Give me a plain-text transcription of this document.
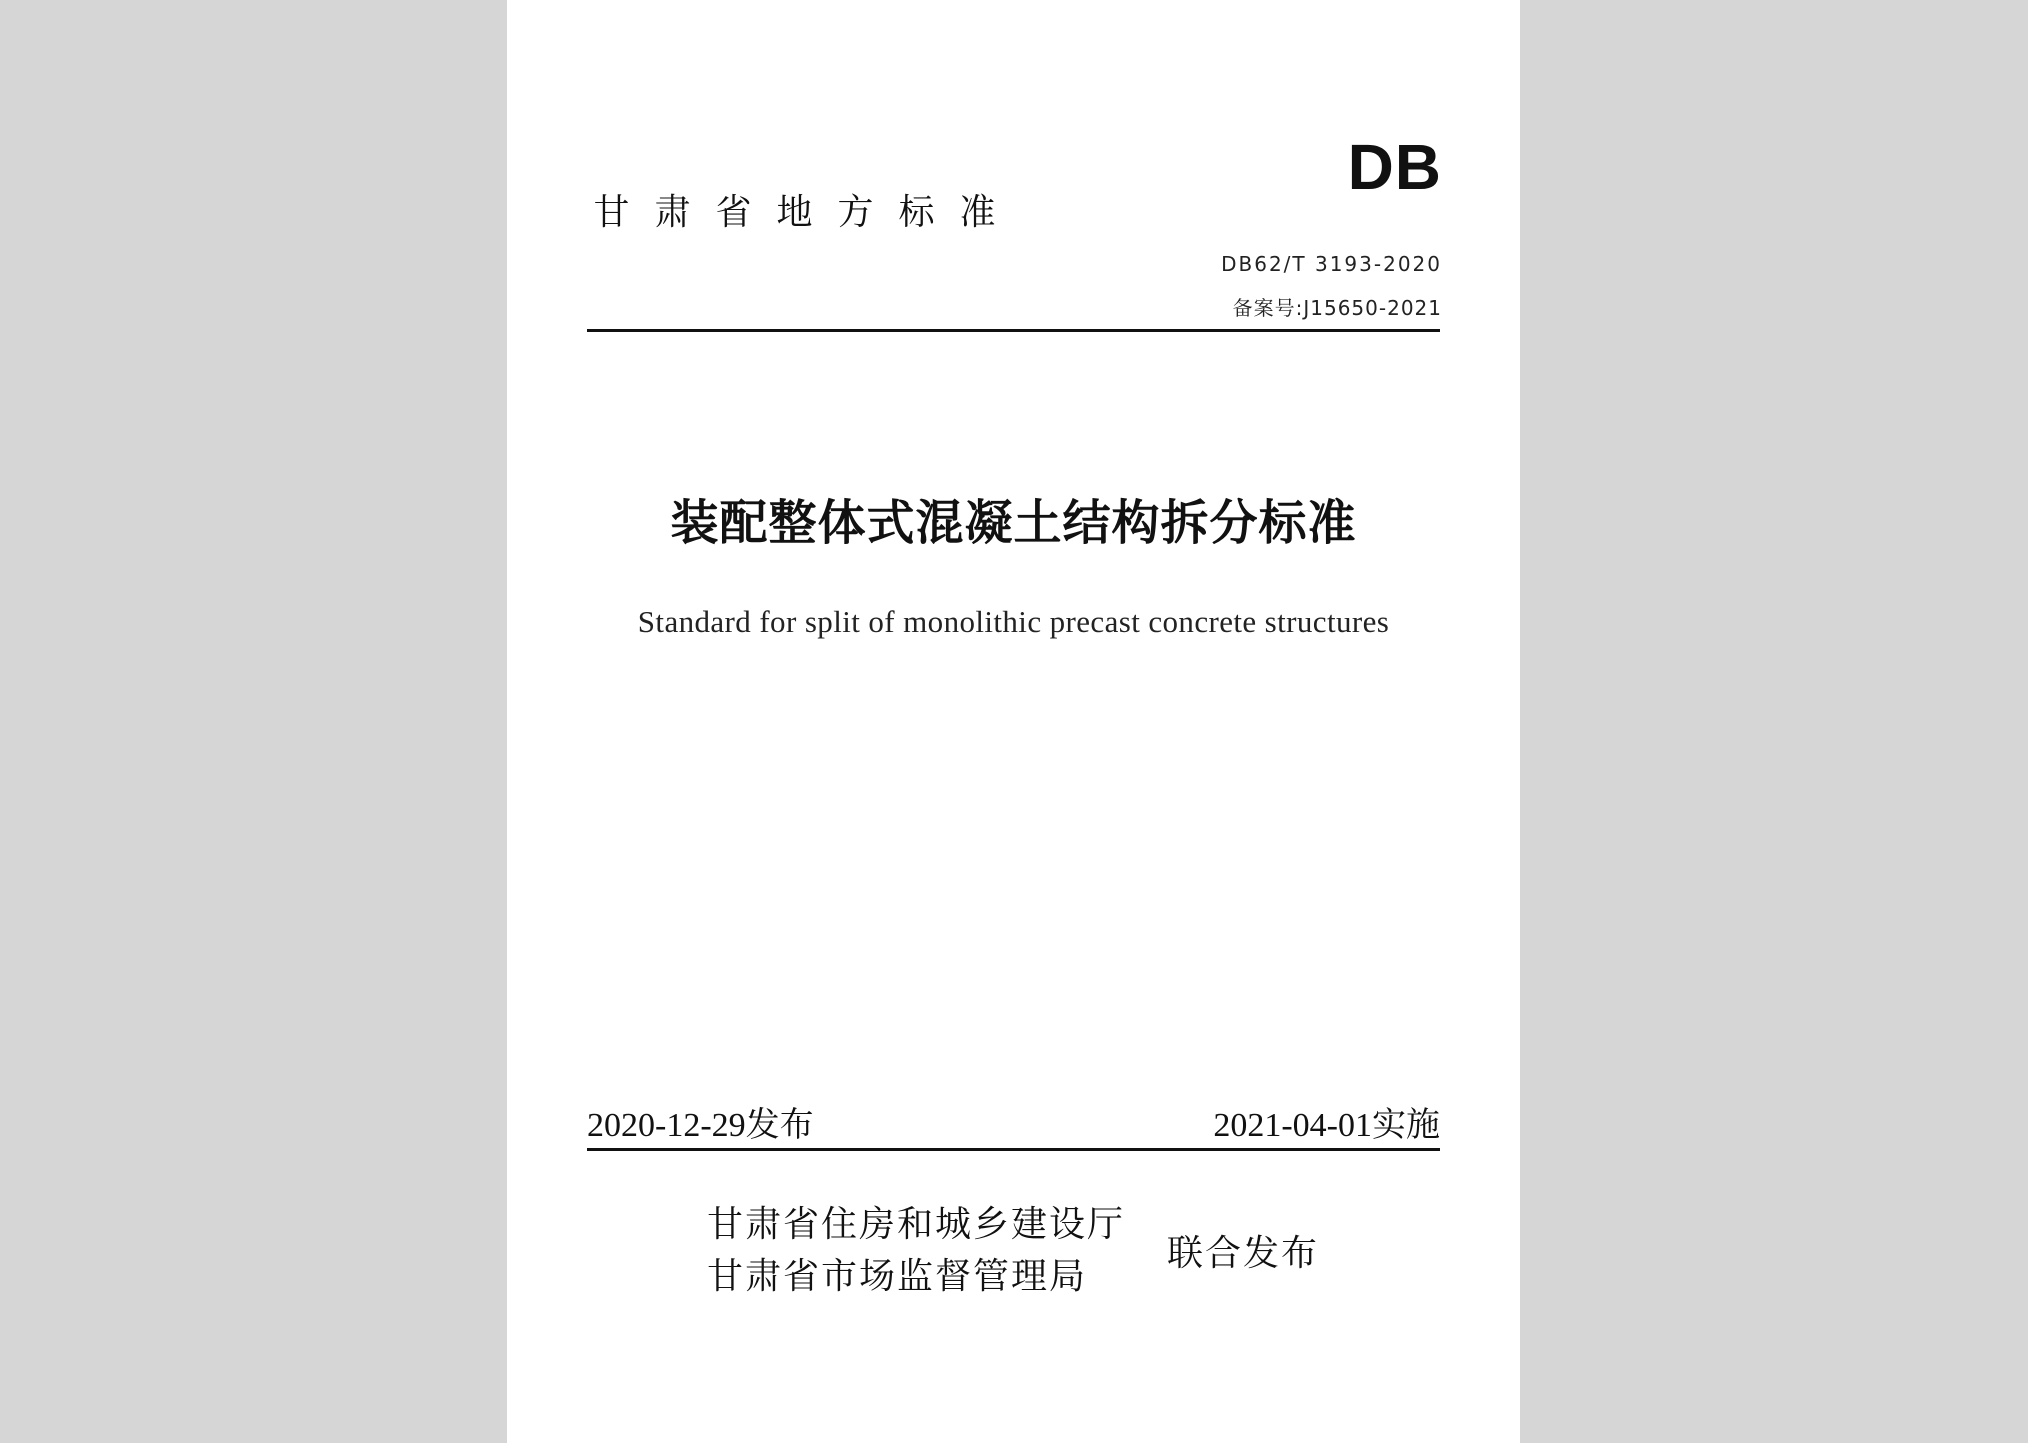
甘肃省地方标准
DB
DB62/T 3193-2020
备案号:J15650-2021
装配整体式混凝土结构拆分标准
Standard for split of monolithic precast concrete structures
2020-12-29发布	2021-04-01实施
甘肃省住房和城乡建设厅
甘肃省市场监督管理局
联合发布
